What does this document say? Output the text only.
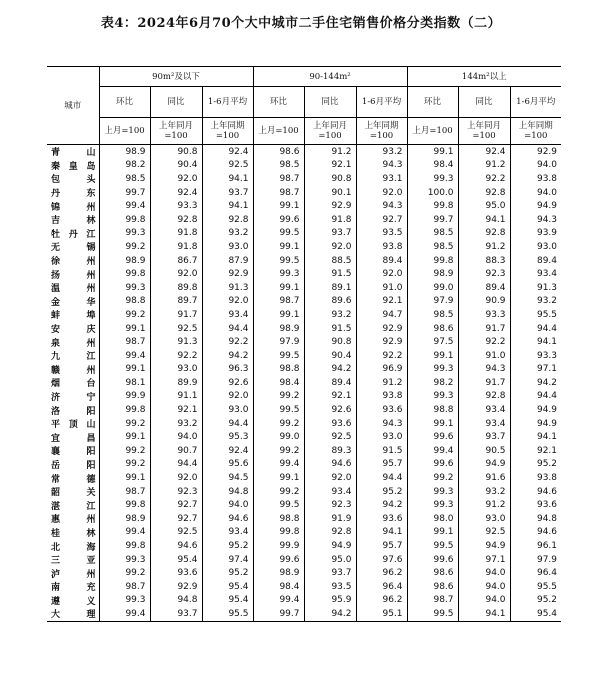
表4：2024年6月70个大中城市二手住宅销售价格分类指数（二）
城市	90m²及以下			90-144m²			144m²以上		
	环比	同比	1-6月平均	环比	同比	1-6月平均	环比	同比	1-6月平均
	上月=100	上年同月=100	上年同期=100	上月=100	上年同月=100	上年同期=100	上月=100	上年同月=100	上年同期=100
青山	98.9	90.8	92.4	98.6	91.2	93.2	99.1	92.4	92.9
秦皇岛	98.2	90.4	92.5	98.5	92.1	94.3	98.4	91.2	94.0
包头	98.5	92.0	94.1	98.7	90.8	93.1	99.3	92.2	93.8
丹东	99.7	92.4	93.7	98.7	90.1	92.0	100.0	92.8	94.0
锦州	99.4	93.3	94.1	99.1	92.9	94.3	99.8	95.0	94.9
吉林	99.8	92.8	92.8	99.6	91.8	92.7	99.7	94.1	94.3
牡丹江	99.3	91.8	93.2	99.5	93.7	93.5	98.5	92.8	93.9
无锡	99.2	91.8	93.0	99.1	92.0	93.8	98.5	91.2	93.0
徐州	98.9	86.7	87.9	99.5	88.5	89.4	99.8	88.3	89.4
扬州	99.8	92.0	92.9	99.3	91.5	92.0	98.9	92.3	93.4
温州	99.3	89.8	91.3	99.1	89.1	91.0	99.0	89.4	91.3
金华	98.8	89.7	92.0	98.7	89.6	92.1	97.9	90.9	93.2
蚌埠	99.2	91.7	93.4	99.1	93.2	94.7	98.5	93.3	95.5
安庆	99.1	92.5	94.4	98.9	91.5	92.9	98.6	91.7	94.4
泉州	98.7	91.3	92.2	97.9	90.8	92.9	97.5	92.2	94.1
九江	99.4	92.2	94.2	99.5	90.4	92.2	99.1	91.0	93.3
赣州	99.1	93.0	96.3	98.8	94.2	96.9	99.3	94.3	97.1
烟台	98.1	89.9	92.6	98.4	89.4	91.2	98.2	91.7	94.2
济宁	99.9	91.1	92.0	99.2	92.1	93.8	99.3	92.8	94.4
洛阳	99.8	92.1	93.0	99.5	92.6	93.6	98.8	93.4	94.9
平顶山	99.2	93.2	94.4	99.2	93.6	94.3	99.1	93.4	94.9
宜昌	99.1	94.0	95.3	99.0	92.5	93.0	99.6	93.7	94.1
襄阳	99.2	90.7	92.4	99.2	89.3	91.5	99.4	90.5	92.1
岳阳	99.2	94.4	95.6	99.4	94.6	95.7	99.6	94.9	95.2
常德	99.1	92.0	94.5	99.1	92.0	94.4	99.2	91.6	93.8
韶关	98.7	92.3	94.8	99.2	93.4	95.2	99.3	93.2	94.6
湛江	99.8	92.7	94.0	99.5	92.3	94.2	99.3	91.2	93.6
惠州	98.9	92.7	94.6	98.8	91.9	93.6	98.0	93.0	94.8
桂林	99.4	92.5	93.4	99.8	92.8	94.1	99.1	92.5	94.6
北海	99.8	94.6	95.2	99.9	94.9	95.7	99.5	94.9	96.1
三亚	99.3	95.4	97.4	99.6	95.0	97.6	99.6	97.1	97.9
泸州	99.2	93.6	95.2	98.9	93.7	96.2	98.6	94.0	96.4
南充	98.7	92.9	95.4	98.4	93.5	96.4	98.6	94.0	95.5
遵义	99.3	94.8	95.4	99.4	95.9	96.2	98.7	94.0	95.2
大理	99.4	93.7	95.5	99.7	94.2	95.1	99.5	94.1	95.4
